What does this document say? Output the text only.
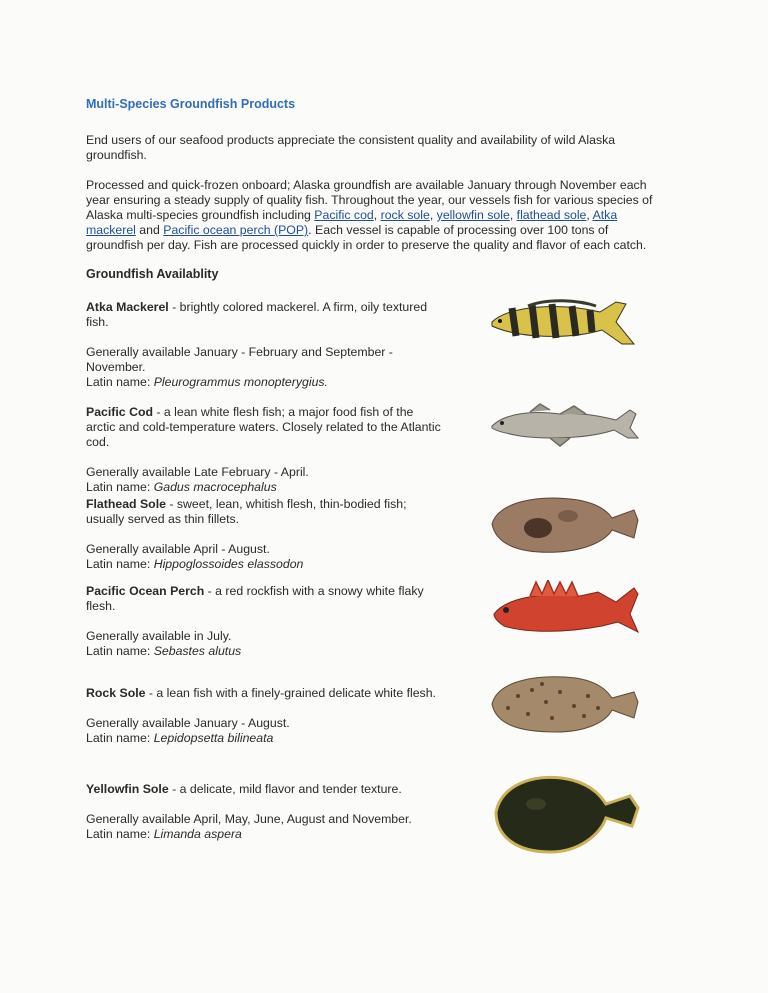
Multi-Species Groundfish Products
End users of our seafood products appreciate the consistent quality and availability of wild Alaska groundfish.
Processed and quick-frozen onboard; Alaska groundfish are available January through November each year ensuring a steady supply of quality fish. Throughout the year, our vessels fish for various species of Alaska multi-species groundfish including Pacific cod, rock sole, yellowfin sole, flathead sole, Atka mackerel and Pacific ocean perch (POP). Each vessel is capable of processing over 100 tons of groundfish per day. Fish are processed quickly in order to preserve the quality and flavor of each catch.
Groundfish Availablity

Atka Mackerel - brightly colored mackerel. A firm, oily textured fish.

Generally available January - February and September - November.

Latin name: Pleurogrammus monopterygius.

Pacific Cod - a lean white flesh fish; a major food fish of the arctic and cold-temperature waters. Closely related to the Atlantic cod.

Generally available Late February - April.

Latin name: Gadus macrocephalus

Flathead Sole - sweet, lean, whitish flesh, thin-bodied fish; usually served as thin fillets.

Generally available April - August.

Latin name: Hippoglossoides elassodon

Pacific Ocean Perch - a red rockfish with a snowy white flaky flesh.

Generally available in July.

Latin name: Sebastes alutus

Rock Sole - a lean fish with a finely-grained delicate white flesh.

Generally available January - August.

Latin name: Lepidopsetta bilineata

Yellowfin Sole - a delicate, mild flavor and tender texture.

Generally available April, May, June, August and November.

Latin name: Limanda aspera
